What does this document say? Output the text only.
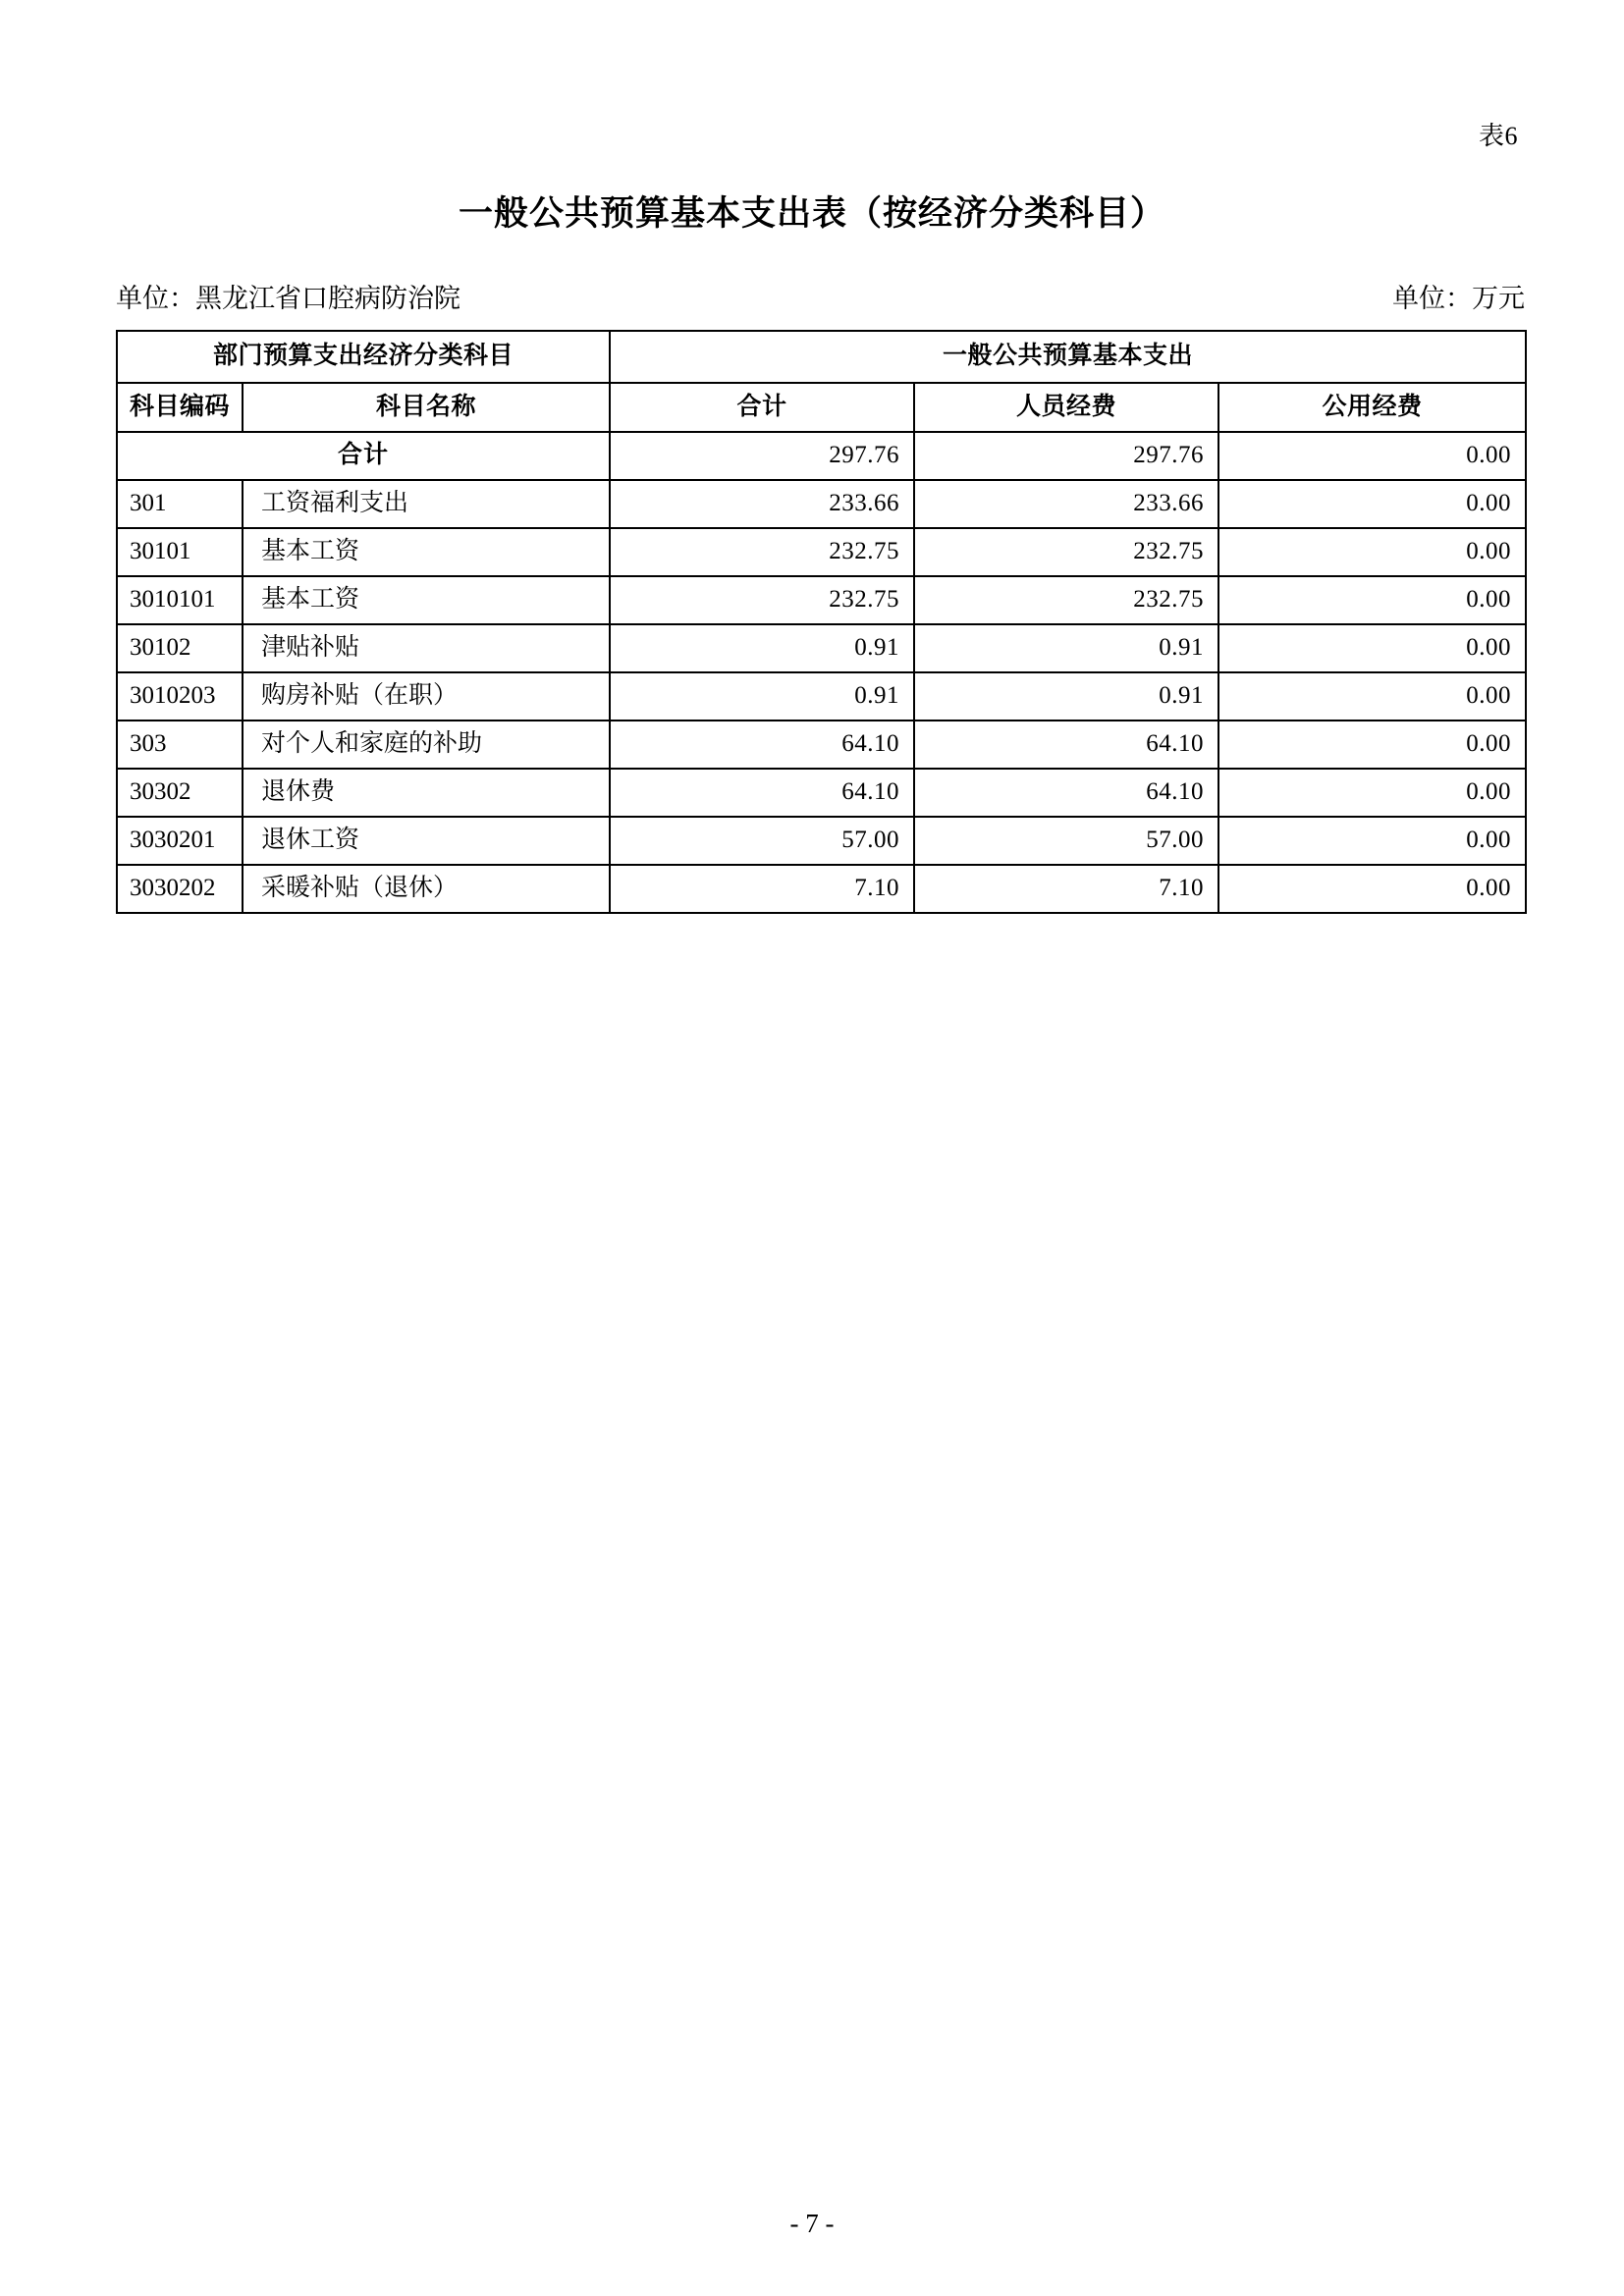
表6
一般公共预算基本支出表（按经济分类科目）
单位：黑龙江省口腔病防治院	单位：万元
部门预算支出经济分类科目		一般公共预算基本支出		
科目编码	科目名称	合计	人员经费	公用经费
合计		297.76	297.76	0.00
301	工资福利支出	233.66	233.66	0.00
30101	基本工资	232.75	232.75	0.00
3010101	基本工资	232.75	232.75	0.00
30102	津贴补贴	0.91	0.91	0.00
3010203	购房补贴（在职）	0.91	0.91	0.00
303	对个人和家庭的补助	64.10	64.10	0.00
30302	退休费	64.10	64.10	0.00
3030201	退休工资	57.00	57.00	0.00
3030202	采暖补贴（退休）	7.10	7.10	0.00
- 7 -
